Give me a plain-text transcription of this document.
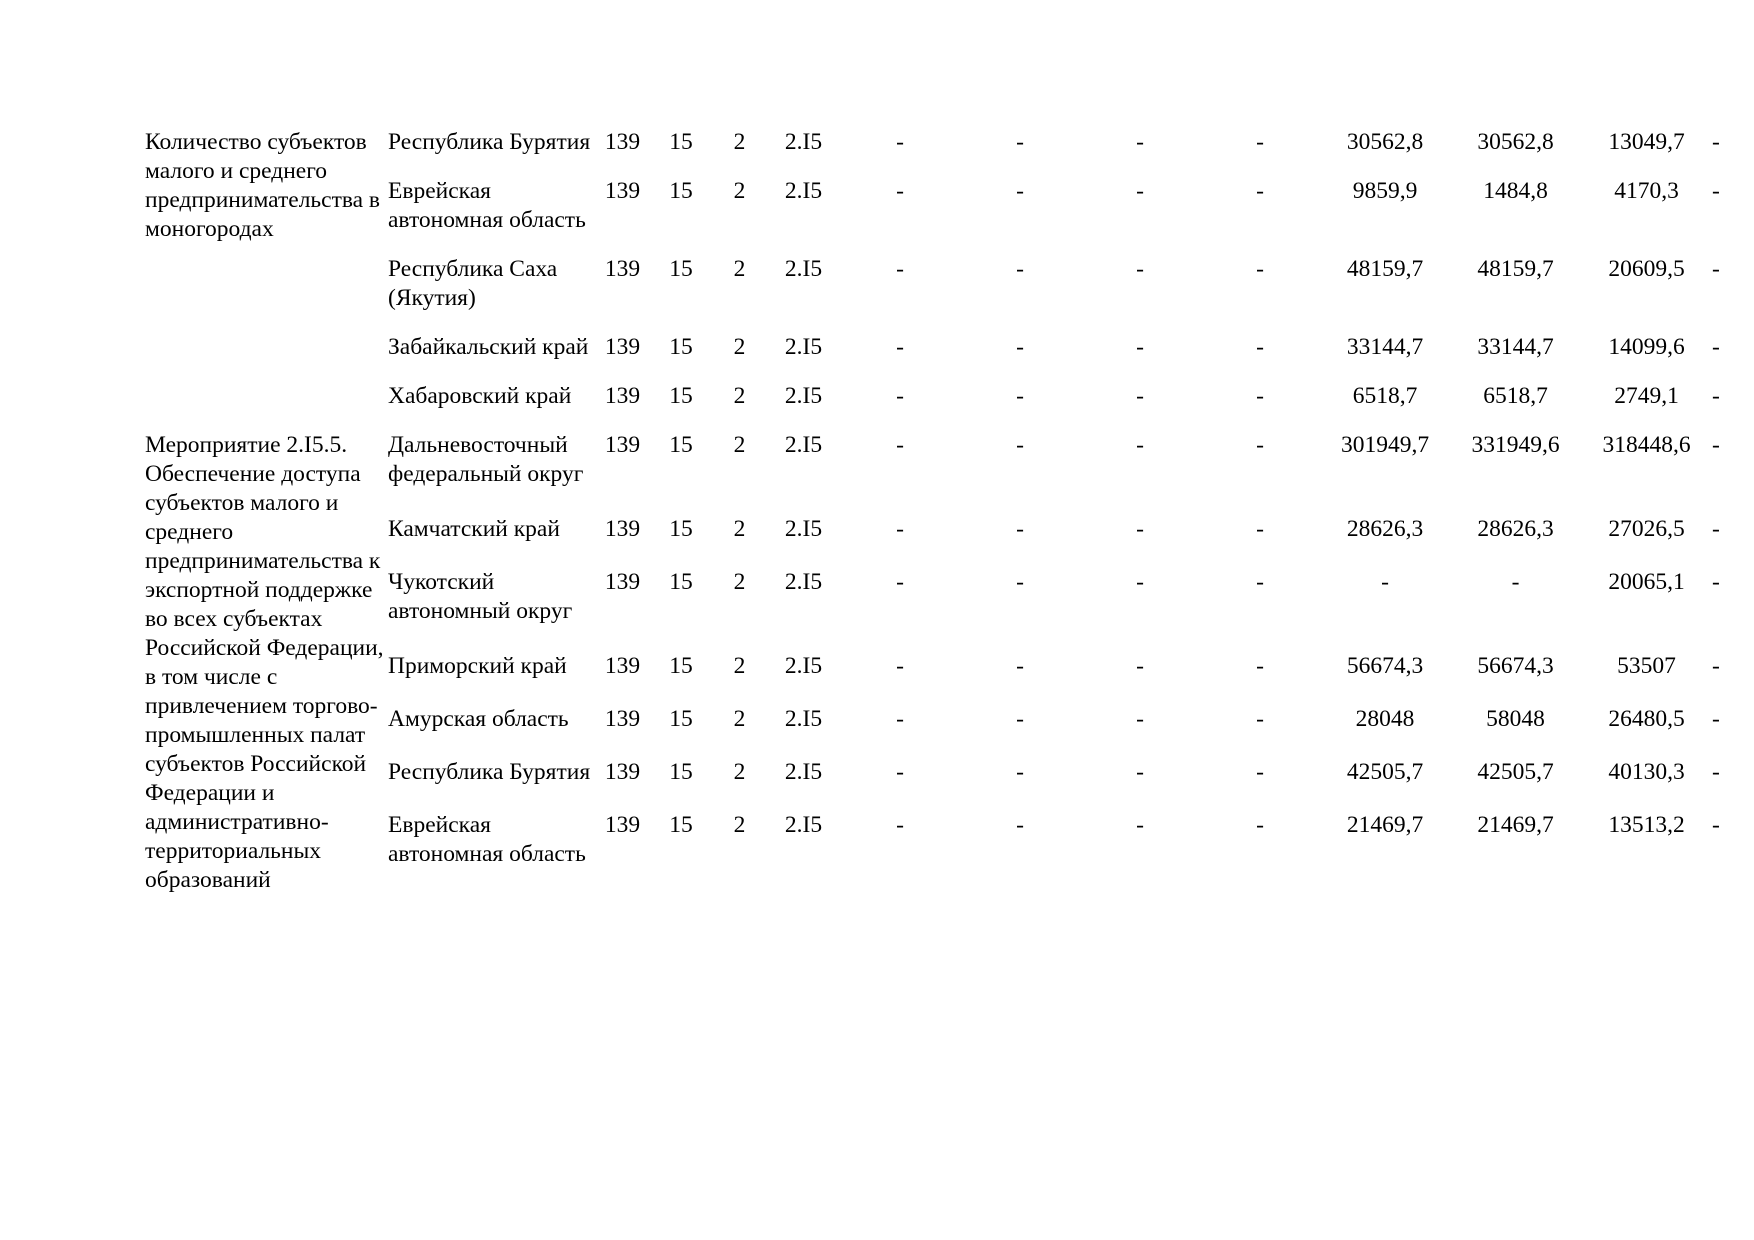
Количество субъектов малого и среднего предпринимательства в моногородах	Республика Бурятия	139	15	2	2.I5	-	-	-	-	30562,8	30562,8	13049,7	-
	Еврейская автономная область	139	15	2	2.I5	-	-	-	-	9859,9	1484,8	4170,3	-
	Республика Саха (Якутия)	139	15	2	2.I5	-	-	-	-	48159,7	48159,7	20609,5	-
	Забайкальский край	139	15	2	2.I5	-	-	-	-	33144,7	33144,7	14099,6	-
	Хабаровский край	139	15	2	2.I5	-	-	-	-	6518,7	6518,7	2749,1	-
Мероприятие 2.I5.5. Обеспечение доступа субъектов малого и среднего предпринимательства к экспортной поддержке во всех субъектах Российской Федерации, в том числе с привлечением торгово-промышленных палат субъектов Российской Федерации и административно-территориальных образований	Дальневосточный федеральный округ	139	15	2	2.I5	-	-	-	-	301949,7	331949,6	318448,6	-
	Камчатский край	139	15	2	2.I5	-	-	-	-	28626,3	28626,3	27026,5	-
	Чукотский автономный округ	139	15	2	2.I5	-	-	-	-	-	-	20065,1	-
	Приморский край	139	15	2	2.I5	-	-	-	-	56674,3	56674,3	53507	-
	Амурская область	139	15	2	2.I5	-	-	-	-	28048	58048	26480,5	-
	Республика Бурятия	139	15	2	2.I5	-	-	-	-	42505,7	42505,7	40130,3	-
	Еврейская автономная область	139	15	2	2.I5	-	-	-	-	21469,7	21469,7	13513,2	-
